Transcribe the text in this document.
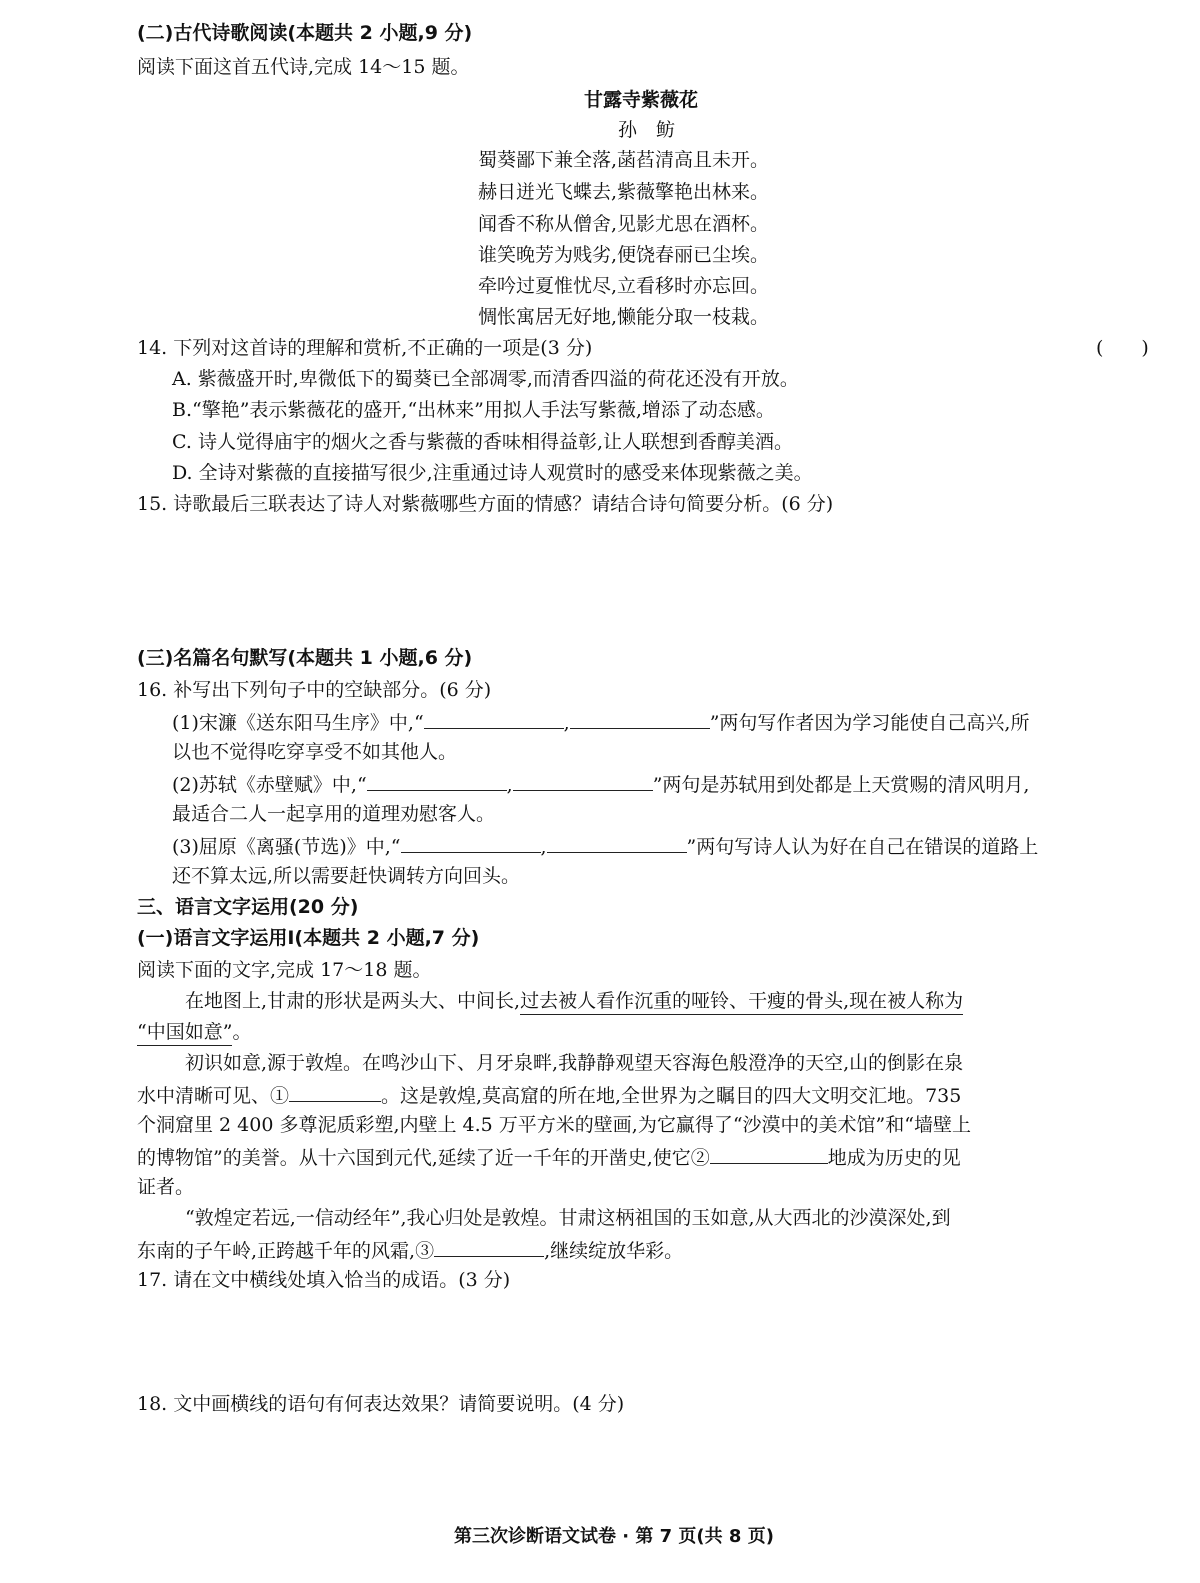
(二)古代诗歌阅读(本题共 2 小题,9 分)
阅读下面这首五代诗,完成 14～15 题。
甘露寺紫薇花
孙　鲂
蜀葵鄙下兼全落,菡萏清高且未开。
赫日迸光飞蝶去,紫薇擎艳出林来。
闻香不称从僧舍,见影尤思在酒杯。
谁笑晚芳为贱劣,便饶春丽已尘埃。
牵吟过夏惟忧尽,立看移时亦忘回。
惆怅寓居无好地,懒能分取一枝栽。
14. 下列对这首诗的理解和赏析,不正确的一项是(3 分)	(　　)
A. 紫薇盛开时,卑微低下的蜀葵已全部凋零,而清香四溢的荷花还没有开放。
B.“擎艳”表示紫薇花的盛开,“出林来”用拟人手法写紫薇,增添了动态感。
C. 诗人觉得庙宇的烟火之香与紫薇的香味相得益彰,让人联想到香醇美酒。
D. 全诗对紫薇的直接描写很少,注重通过诗人观赏时的感受来体现紫薇之美。
15. 诗歌最后三联表达了诗人对紫薇哪些方面的情感？请结合诗句简要分析。(6 分)
(三)名篇名句默写(本题共 1 小题,6 分)
16. 补写出下列句子中的空缺部分。(6 分)
(1)宋濂《送东阳马生序》中,“	,	”两句写作者因为学习能使自己高兴,所
以也不觉得吃穿享受不如其他人。
(2)苏轼《赤壁赋》中,“	,	”两句是苏轼用到处都是上天赏赐的清风明月,
最适合二人一起享用的道理劝慰客人。
(3)屈原《离骚(节选)》中,“	,	”两句写诗人认为好在自己在错误的道路上
还不算太远,所以需要赶快调转方向回头。
三、语言文字运用(20 分)
(一)语言文字运用Ⅰ(本题共 2 小题,7 分)
阅读下面的文字,完成 17～18 题。
在地图上,甘肃的形状是两头大、中间长,过去被人看作沉重的哑铃、干瘦的骨头,现在被人称为
“中国如意”。
初识如意,源于敦煌。在鸣沙山下、月牙泉畔,我静静观望天容海色般澄净的天空,山的倒影在泉
水中清晰可见、①	。这是敦煌,莫高窟的所在地,全世界为之瞩目的四大文明交汇地。735
个洞窟里 2 400 多尊泥质彩塑,内壁上 4.5 万平方米的壁画,为它赢得了“沙漠中的美术馆”和“墙壁上
的博物馆”的美誉。从十六国到元代,延续了近一千年的开凿史,使它②	地成为历史的见
证者。
“敦煌定若远,一信动经年”,我心归处是敦煌。甘肃这柄祖国的玉如意,从大西北的沙漠深处,到
东南的子午岭,正跨越千年的风霜,③	,继续绽放华彩。
17. 请在文中横线处填入恰当的成语。(3 分)
18. 文中画横线的语句有何表达效果？请简要说明。(4 分)
第三次诊断语文试卷 · 第 7 页(共 8 页)
